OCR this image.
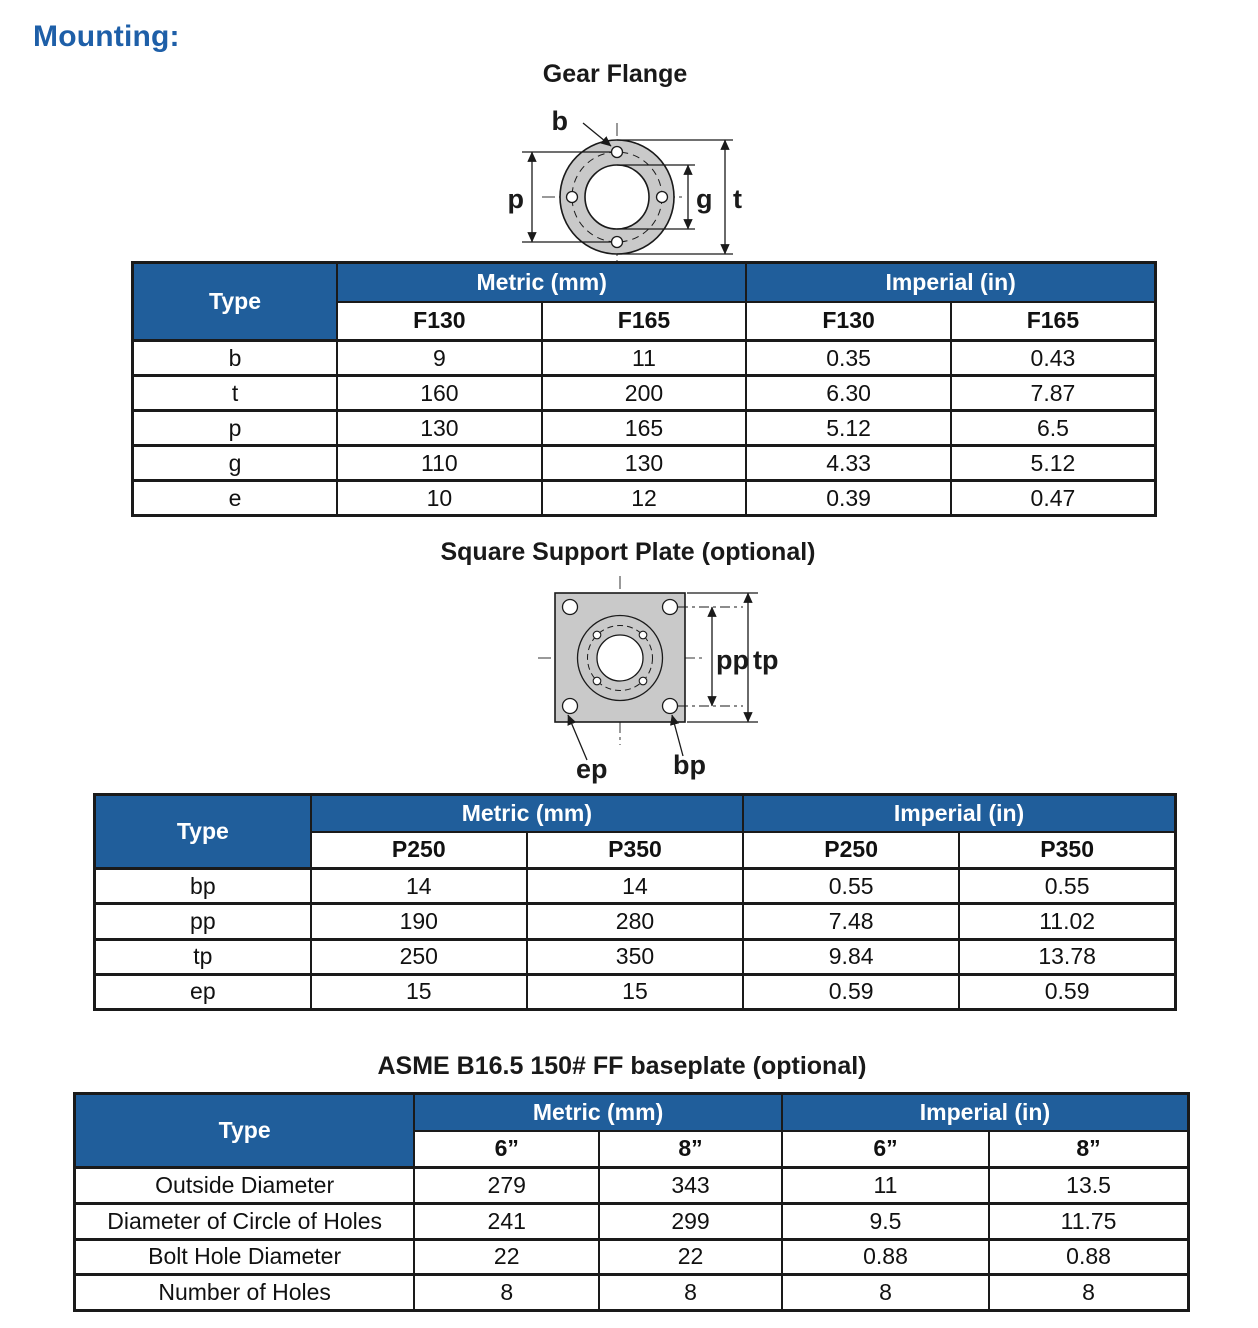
Mounting:
Gear Flange
b
p	g t
Type	Metric (mm)		Imperial (in)	
	F130	F165	F130	F165
b	9	11	0.35	0.43
t	160	200	6.30	7.87
p	130	165	5.12	6.5
g	110	130	4.33	5.12
e	10	12	0.39	0.47
Square Support Plate (optional)
pp tp
ep bp
Type	Metric (mm)		Imperial (in)	
	P250	P350	P250	P350
bp	14	14	0.55	0.55
pp	190	280	7.48	11.02
tp	250	350	9.84	13.78
ep	15	15	0.59	0.59
ASME B16.5 150# FF baseplate (optional)
Type	Metric (mm)		Imperial (in)	
	6”	8”	6”	8”
Outside Diameter	279	343	11	13.5
Diameter of Circle of Holes	241	299	9.5	11.75
Bolt Hole Diameter	22	22	0.88	0.88
Number of Holes	8	8	8	8
